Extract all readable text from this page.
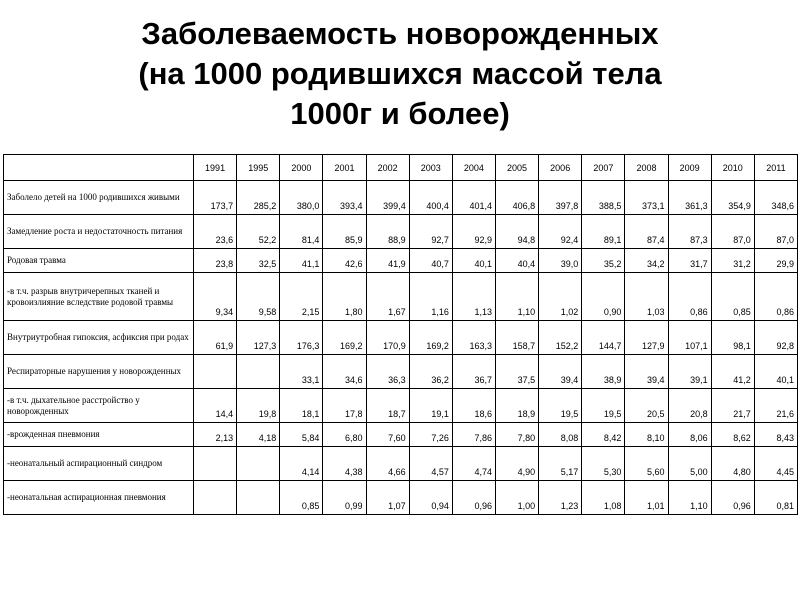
Заболеваемость новорожденных
(на 1000 родившихся массой тела
1000г и более)
	1991	1995	2000	2001	2002	2003	2004	2005	2006	2007	2008	2009	2010	2011
Заболело детей на 1000 родившихся живыми	173,7	285,2	380,0	393,4	399,4	400,4	401,4	406,8	397,8	388,5	373,1	361,3	354,9	348,6
Замедление роста и недостаточность питания	23,6	52,2	81,4	85,9	88,9	92,7	92,9	94,8	92,4	89,1	87,4	87,3	87,0	87,0
Родовая травма	23,8	32,5	41,1	42,6	41,9	40,7	40,1	40,4	39,0	35,2	34,2	31,7	31,2	29,9
-в т.ч. разрыв внутричерепных тканей и кровоизлияние вследствие родовой травмы	9,34	9,58	2,15	1,80	1,67	1,16	1,13	1,10	1,02	0,90	1,03	0,86	0,85	0,86
Внутриутробная гипоксия, асфиксия при родах	61,9	127,3	176,3	169,2	170,9	169,2	163,3	158,7	152,2	144,7	127,9	107,1	98,1	92,8
Респираторные нарушения у новорожденных			33,1	34,6	36,3	36,2	36,7	37,5	39,4	38,9	39,4	39,1	41,2	40,1
-в т.ч. дыхательное расстройство у новорожденных	14,4	19,8	18,1	17,8	18,7	19,1	18,6	18,9	19,5	19,5	20,5	20,8	21,7	21,6
-врожденная пневмония	2,13	4,18	5,84	6,80	7,60	7,26	7,86	7,80	8,08	8,42	8,10	8,06	8,62	8,43
-неонатальный аспирационный синдром			4,14	4,38	4,66	4,57	4,74	4,90	5,17	5,30	5,60	5,00	4,80	4,45
-неонатальная аспирационная пневмония			0,85	0,99	1,07	0,94	0,96	1,00	1,23	1,08	1,01	1,10	0,96	0,81
